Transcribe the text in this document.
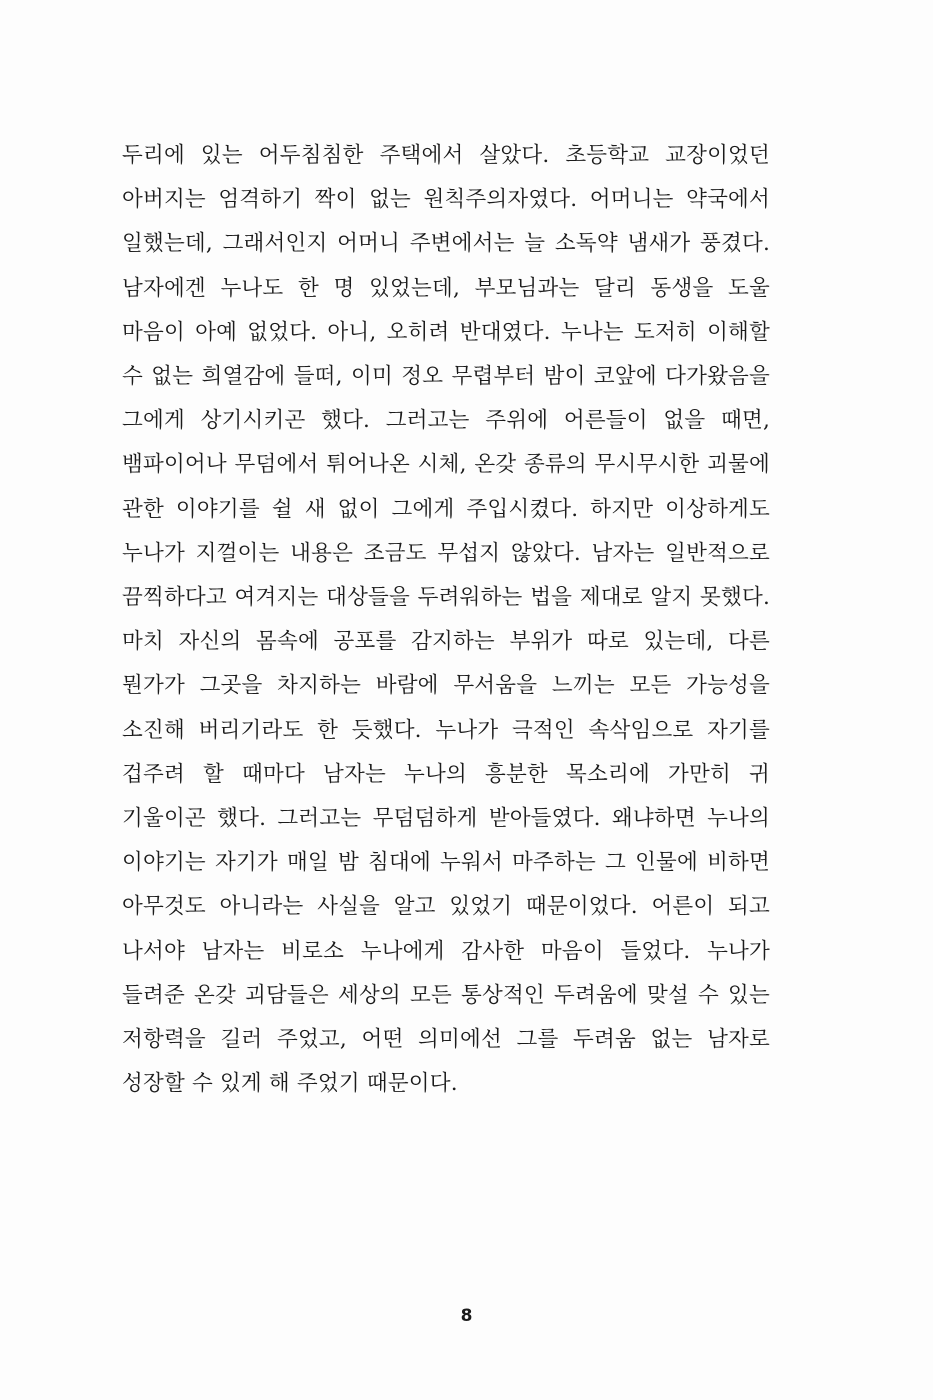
두리에 있는 어두침침한 주택에서 살았다. 초등학교 교장이었던 아버지는 엄격하기 짝이 없는 원칙주의자였다. 어머니는 약국에서 일했는데, 그래서인지 어머니 주변에서는 늘 소독약 냄새가 풍겼다. 남자에겐 누나도 한 명 있었는데, 부모님과는 달리 동생을 도울 마음이 아예 없었다. 아니, 오히려 반대였다. 누나는 도저히 이해할 수 없는 희열감에 들떠, 이미 정오 무렵부터 밤이 코앞에 다가왔음을 그에게 상기시키곤 했다. 그러고는 주위에 어른들이 없을 때면, 뱀파이어나 무덤에서 튀어나온 시체, 온갖 종류의 무시무시한 괴물에 관한 이야기를 쉴 새 없이 그에게 주입시켰다. 하지만 이상하게도 누나가 지껄이는 내용은 조금도 무섭지 않았다. 남자는 일반적으로 끔찍하다고 여겨지는 대상들을 두려워하는 법을 제대로 알지 못했다. 마치 자신의 몸속에 공포를 감지하는 부위가 따로 있는데, 다른 뭔가가 그곳을 차지하는 바람에 무서움을 느끼는 모든 가능성을 소진해 버리기라도 한 듯했다. 누나가 극적인 속삭임으로 자기를 겁주려 할 때마다 남자는 누나의 흥분한 목소리에 가만히 귀 기울이곤 했다. 그러고는 무덤덤하게 받아들였다. 왜냐하면 누나의 이야기는 자기가 매일 밤 침대에 누워서 마주하는 그 인물에 비하면 아무것도 아니라는 사실을 알고 있었기 때문이었다. 어른이 되고 나서야 남자는 비로소 누나에게 감사한 마음이 들었다. 누나가 들려준 온갖 괴담들은 세상의 모든 통상적인 두려움에 맞설 수 있는 저항력을 길러 주었고, 어떤 의미에선 그를 두려움 없는 남자로 성장할 수 있게 해 주었기 때문이다.

8
